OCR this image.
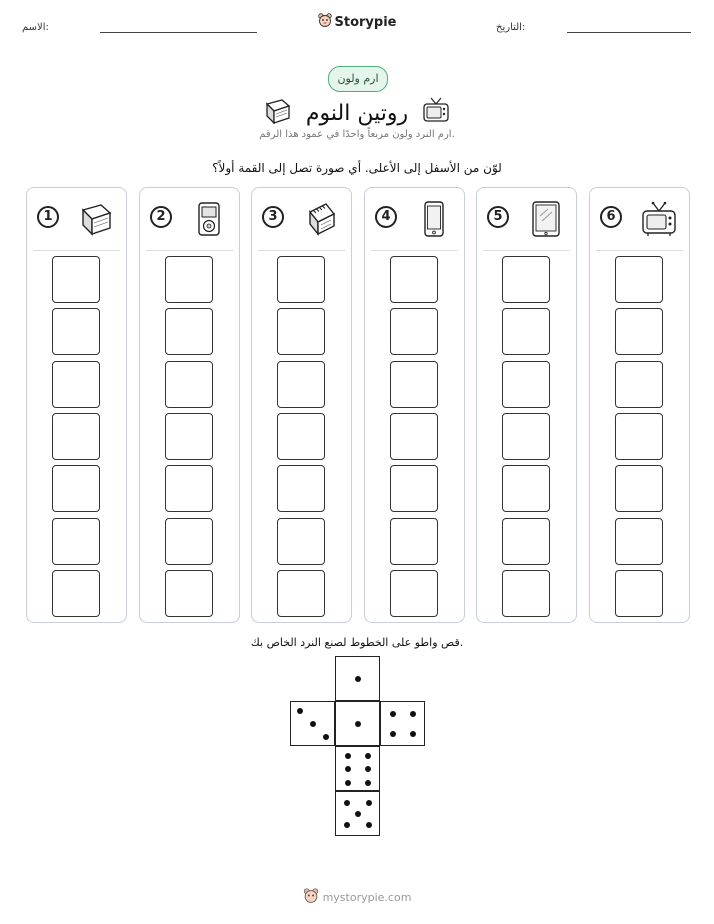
الاسم:	Storypie	التاريخ:
ارم ولون
روتين النوم
ارم النرد ولون مربعاً واحدًا في عمود هذا الرقم.
لوّن من الأسفل إلى الأعلى. أي صورة تصل إلى القمة أولاً؟
1	2	3	4	5	6
قص واطو على الخطوط لصنع النرد الخاص بك.
mystorypie.com
